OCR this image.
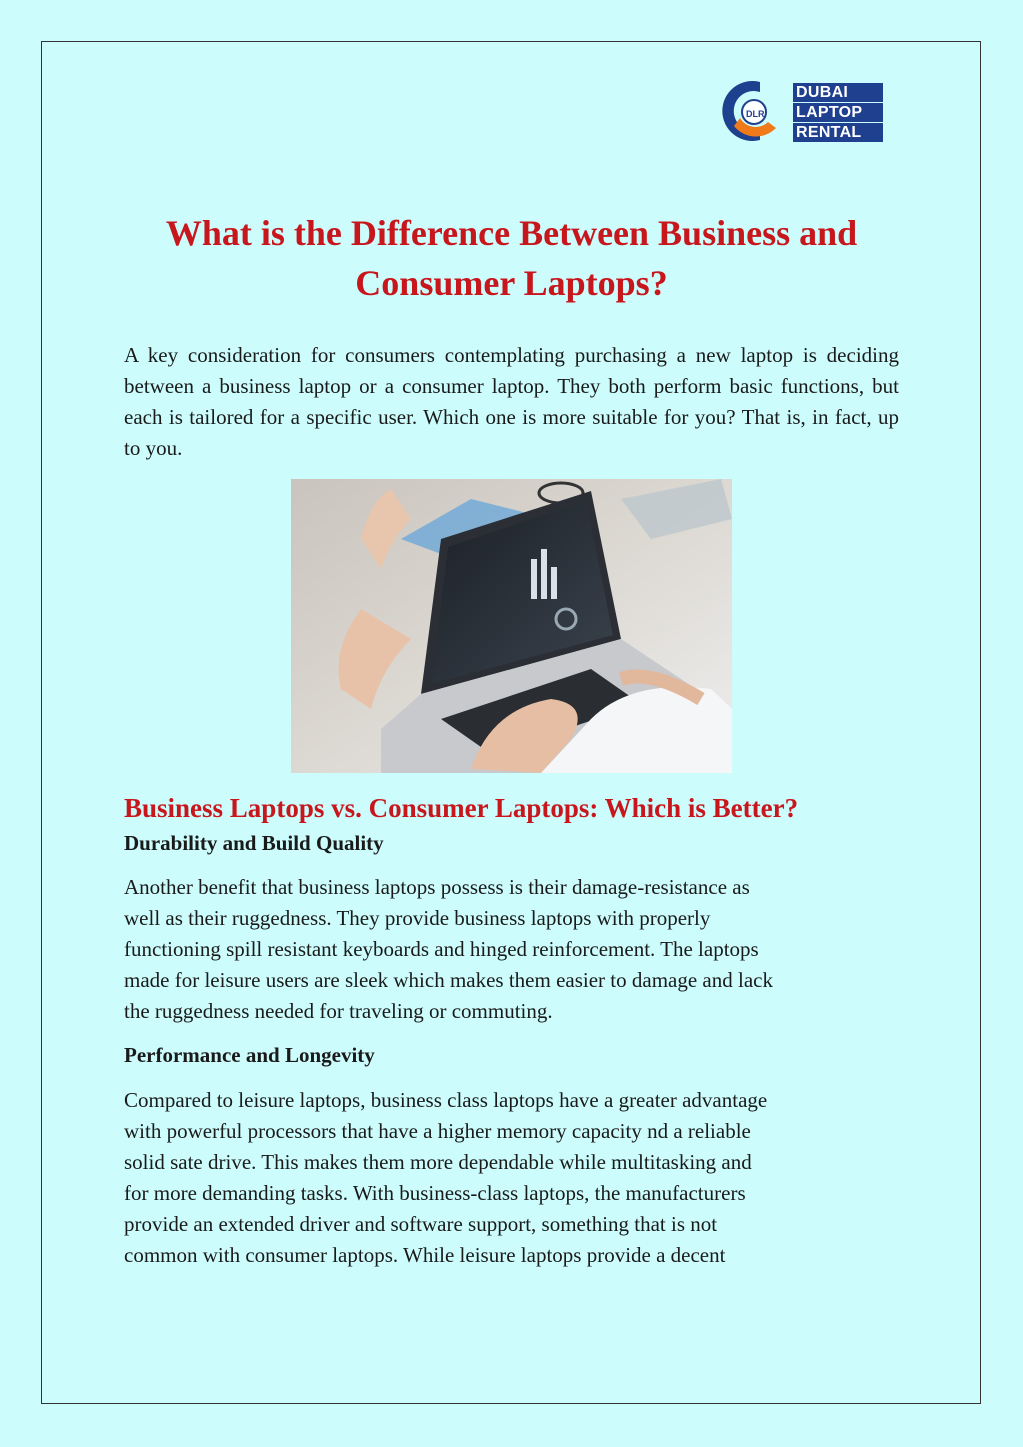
DLR
DUBAI
LAPTOP
RENTAL
What is the Difference Between Business and Consumer Laptops?

A key consideration for consumers contemplating purchasing a new laptop is deciding between a business laptop or a consumer laptop. They both perform basic functions, but each is tailored for a specific user. Which one is more suitable for you? That is, in fact, up to you.

Business Laptops vs. Consumer Laptops: Which is Better?
Durability and Build Quality
Another benefit that business laptops possess is their damage-resistance as
well as their ruggedness. They provide business laptops with properly
functioning spill resistant keyboards and hinged reinforcement. The laptops
made for leisure users are sleek which makes them easier to damage and lack
the ruggedness needed for traveling or commuting.
Performance and Longevity
Compared to leisure laptops, business class laptops have a greater advantage
with powerful processors that have a higher memory capacity nd a reliable
solid sate drive. This makes them more dependable while multitasking and
for more demanding tasks. With business-class laptops, the manufacturers
provide an extended driver and software support, something that is not
common with consumer laptops. While leisure laptops provide a decent
